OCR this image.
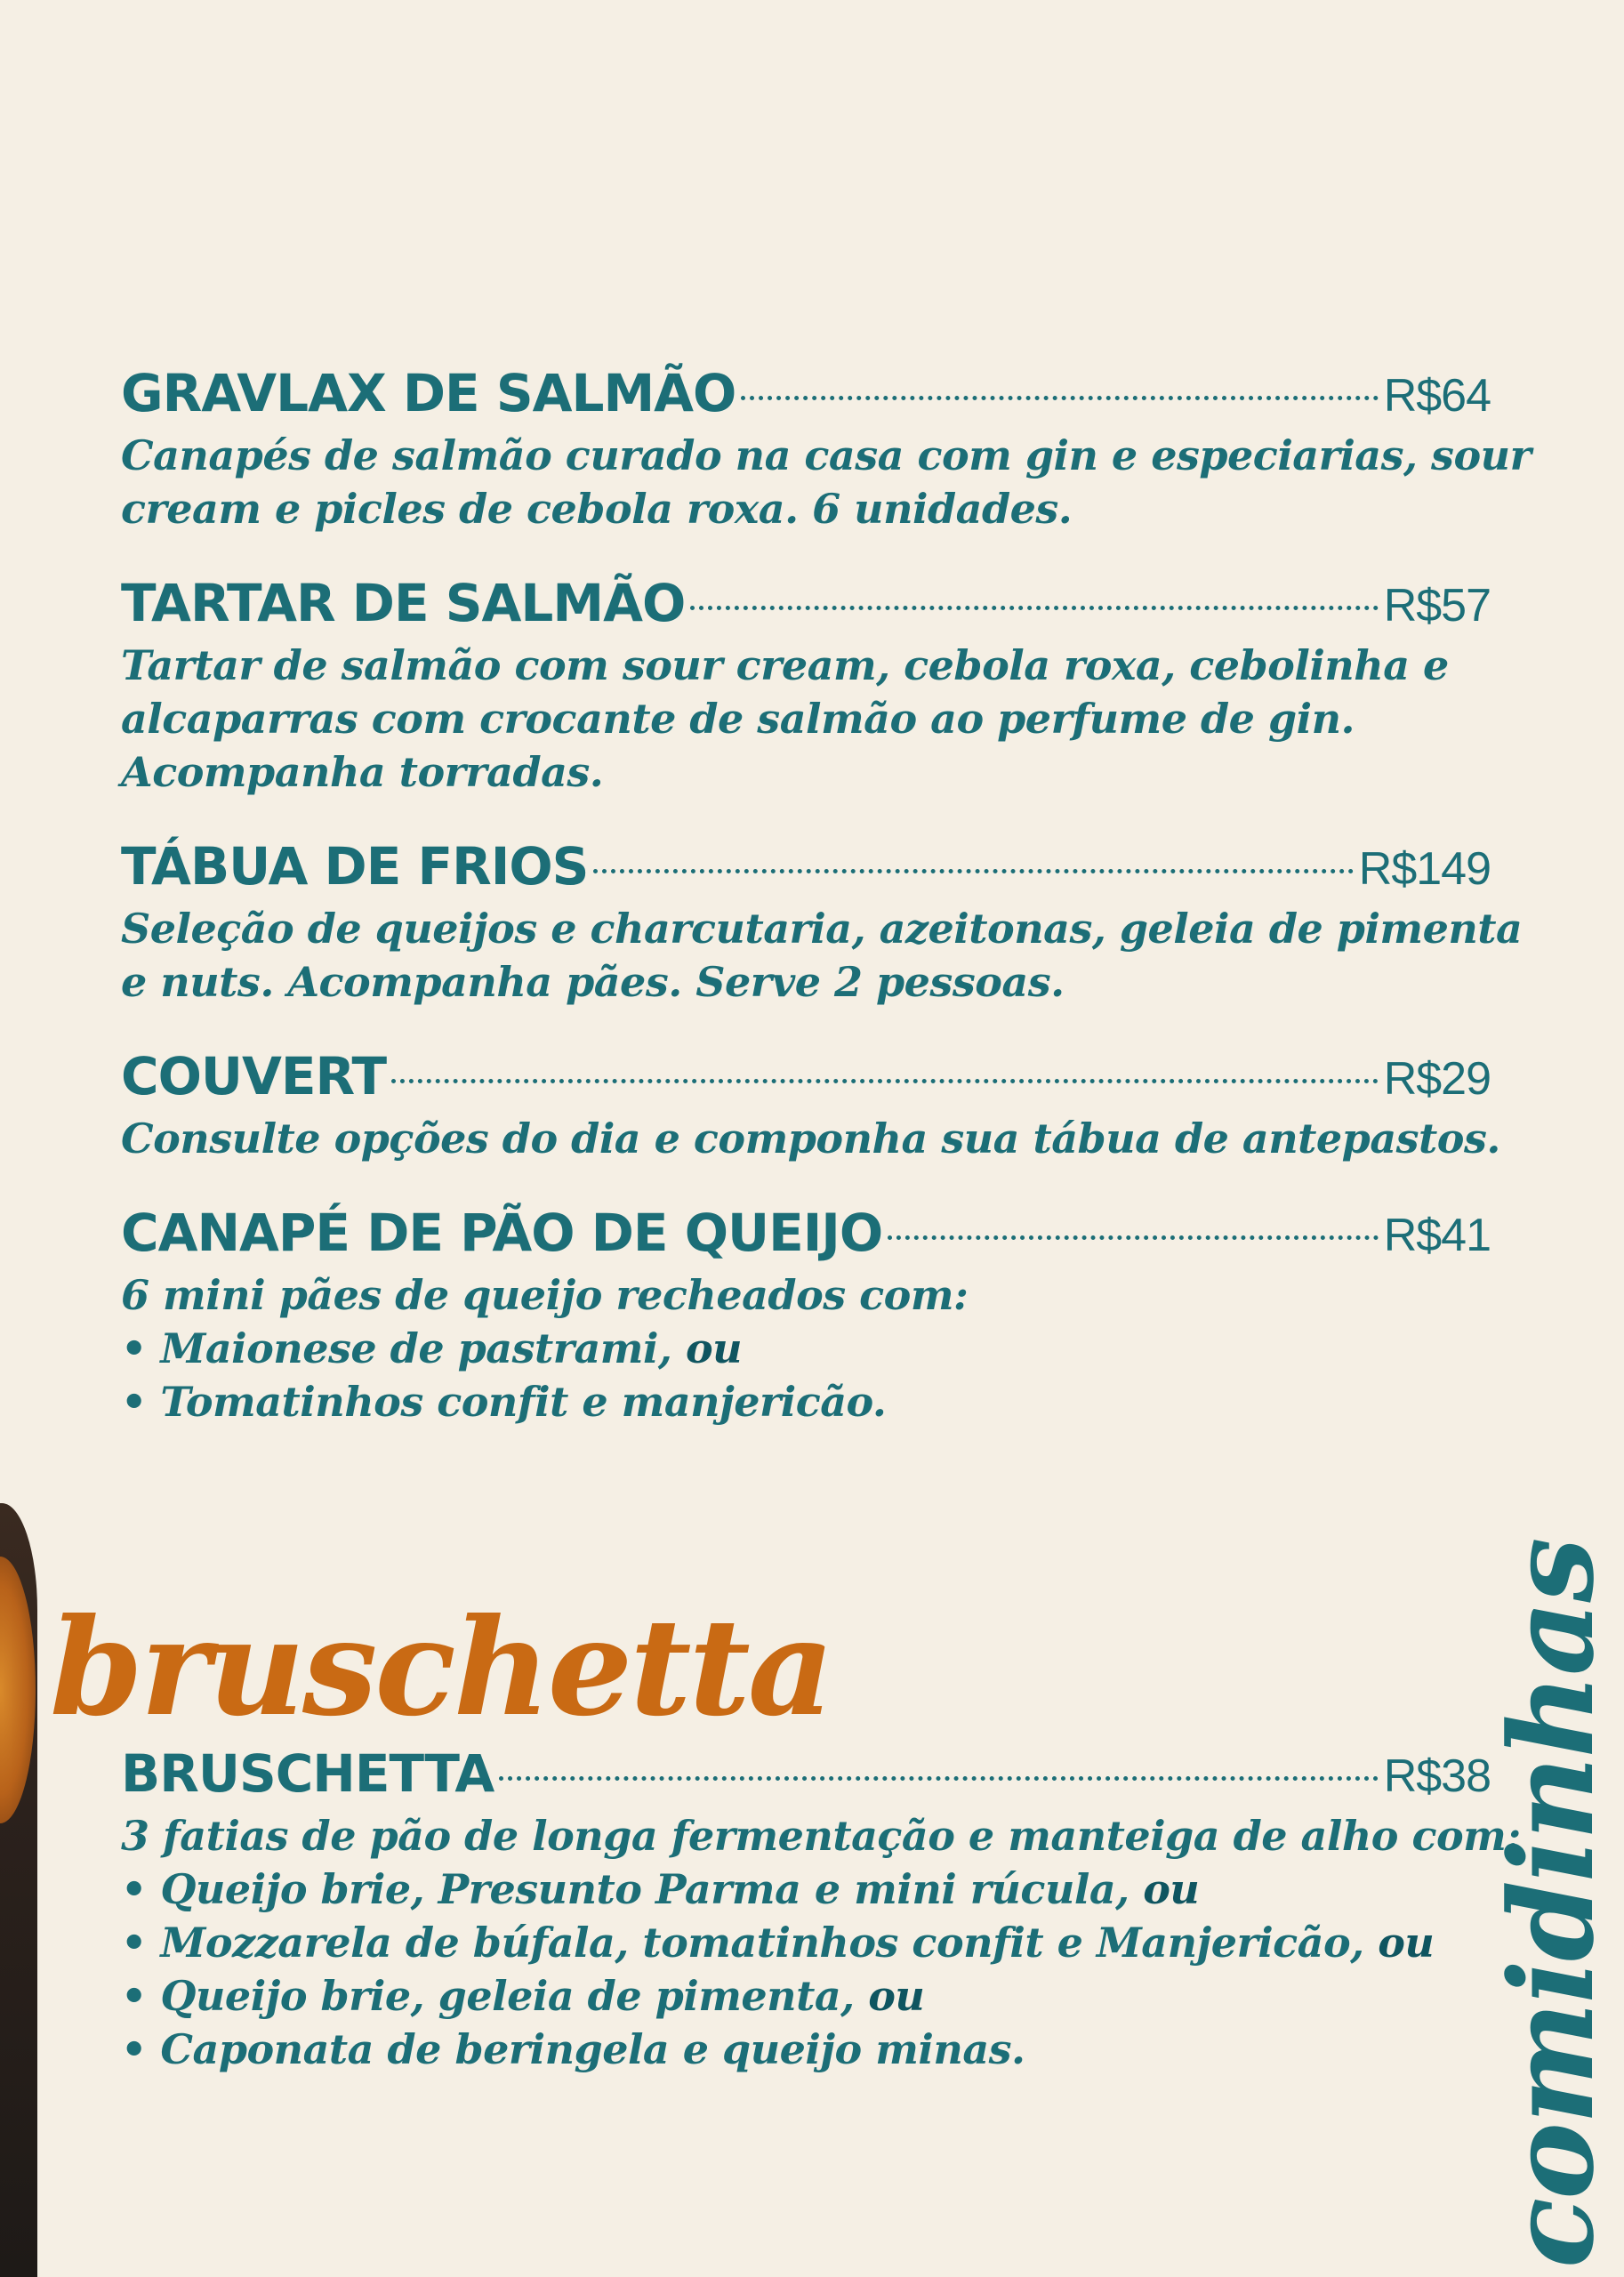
GRAVLAX DE SALMÃO	R$64
Canapés de salmão curado na casa com gin e especiarias, sour
cream e picles de cebola roxa. 6 unidades.
TARTAR DE SALMÃO	R$57
Tartar de salmão com sour cream, cebola roxa, cebolinha e
alcaparras com crocante de salmão ao perfume de gin.
Acompanha torradas.
TÁBUA DE FRIOS	R$149
Seleção de queijos e charcutaria, azeitonas, geleia de pimenta
e nuts. Acompanha pães. Serve 2 pessoas.
COUVERT	R$29
Consulte opções do dia e componha sua tábua de antepastos.
CANAPÉ DE PÃO DE QUEIJO	R$41
6 mini pães de queijo recheados com:
• Maionese de pastrami, ou
• Tomatinhos confit e manjericão.
bruschetta
BRUSCHETTA	R$38
3 fatias de pão de longa fermentação e manteiga de alho com:
• Queijo brie, Presunto Parma e mini rúcula, ou
• Mozzarela de búfala, tomatinhos confit e Manjericão, ou
• Queijo brie, geleia de pimenta, ou
• Caponata de beringela e queijo minas.	comidinhas
